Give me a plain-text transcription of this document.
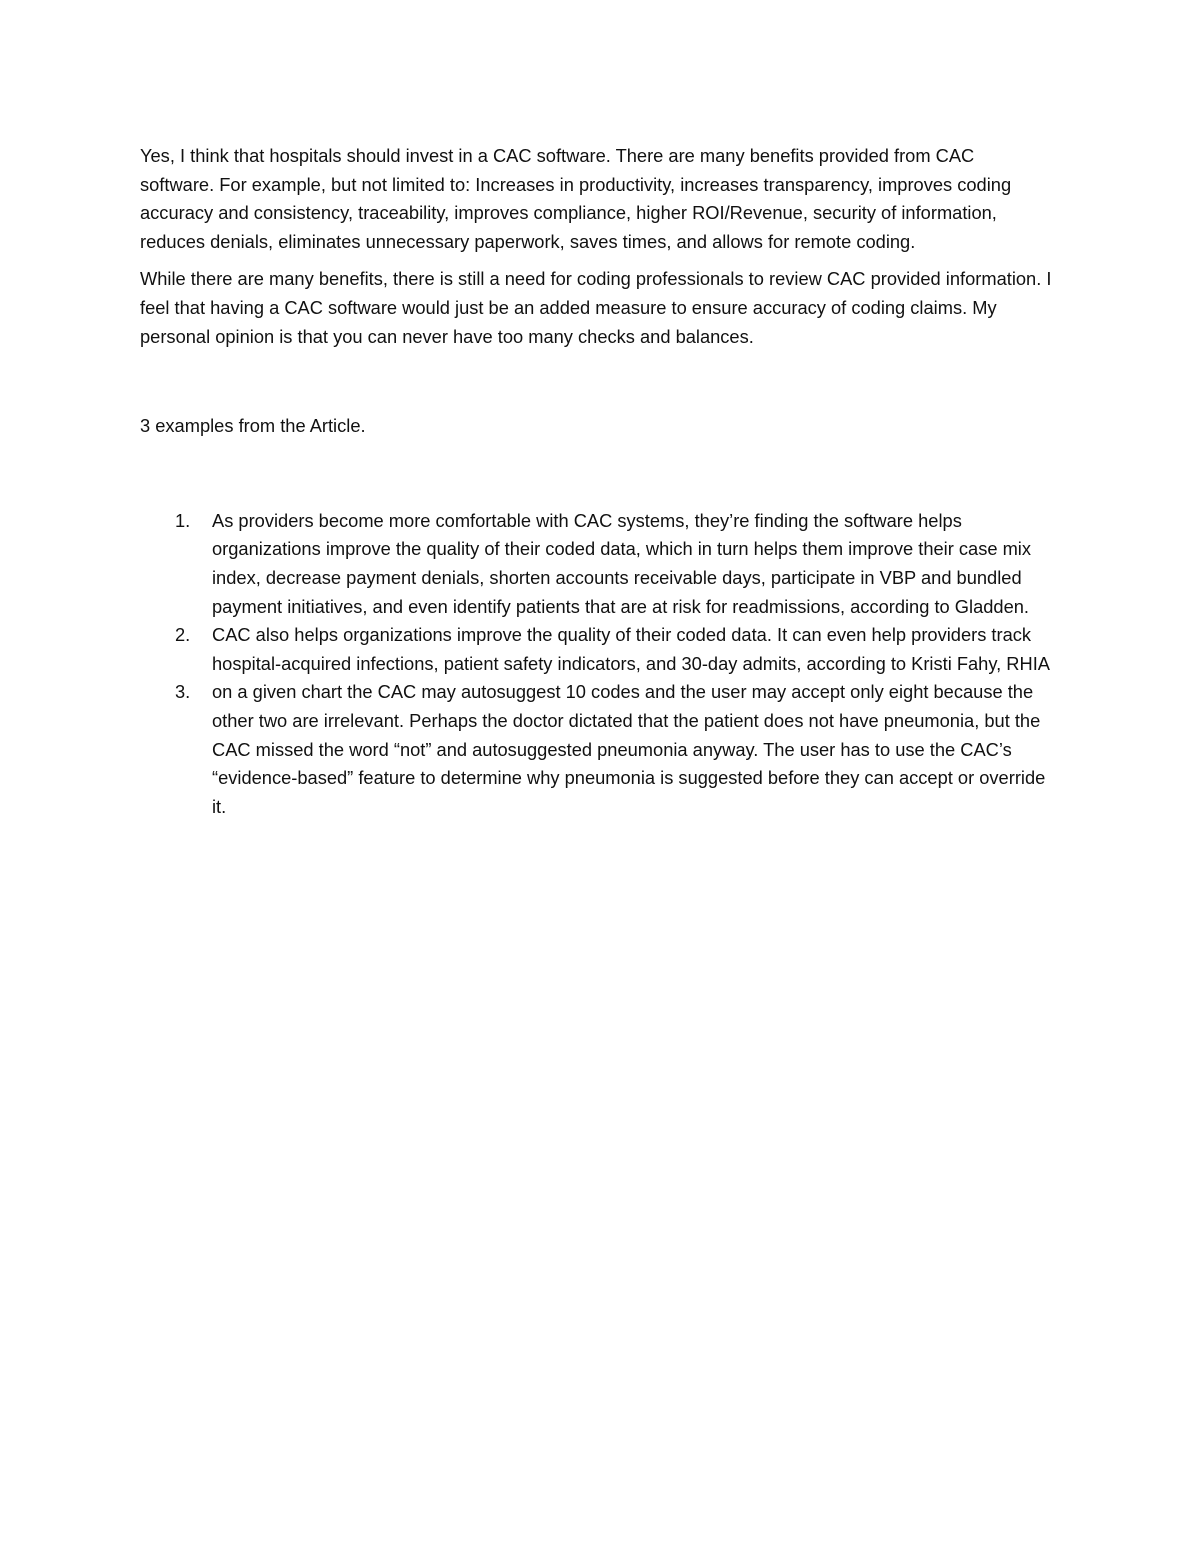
Yes, I think that hospitals should invest in a CAC software. There are many benefits provided from CAC software. For example, but not limited to: Increases in productivity, increases transparency, improves coding accuracy and consistency, traceability, improves compliance, higher ROI/Revenue, security of information, reduces denials, eliminates unnecessary paperwork, saves times, and allows for remote coding.

While there are many benefits, there is still a need for coding professionals to review CAC provided information. I feel that having a CAC software would just be an added measure to ensure accuracy of coding claims. My personal opinion is that you can never have too many checks and balances.

3 examples from the Article.

1. As providers become more comfortable with CAC systems, they’re finding the software helps organizations improve the quality of their coded data, which in turn helps them improve their case mix index, decrease payment denials, shorten accounts receivable days, participate in VBP and bundled payment initiatives, and even identify patients that are at risk for readmissions, according to Gladden.
2. CAC also helps organizations improve the quality of their coded data. It can even help providers track hospital-acquired infections, patient safety indicators, and 30-day admits, according to Kristi Fahy, RHIA
3. on a given chart the CAC may autosuggest 10 codes and the user may accept only eight because the other two are irrelevant. Perhaps the doctor dictated that the patient does not have pneumonia, but the CAC missed the word “not” and autosuggested pneumonia anyway. The user has to use the CAC’s “evidence-based” feature to determine why pneumonia is suggested before they can accept or override it.
